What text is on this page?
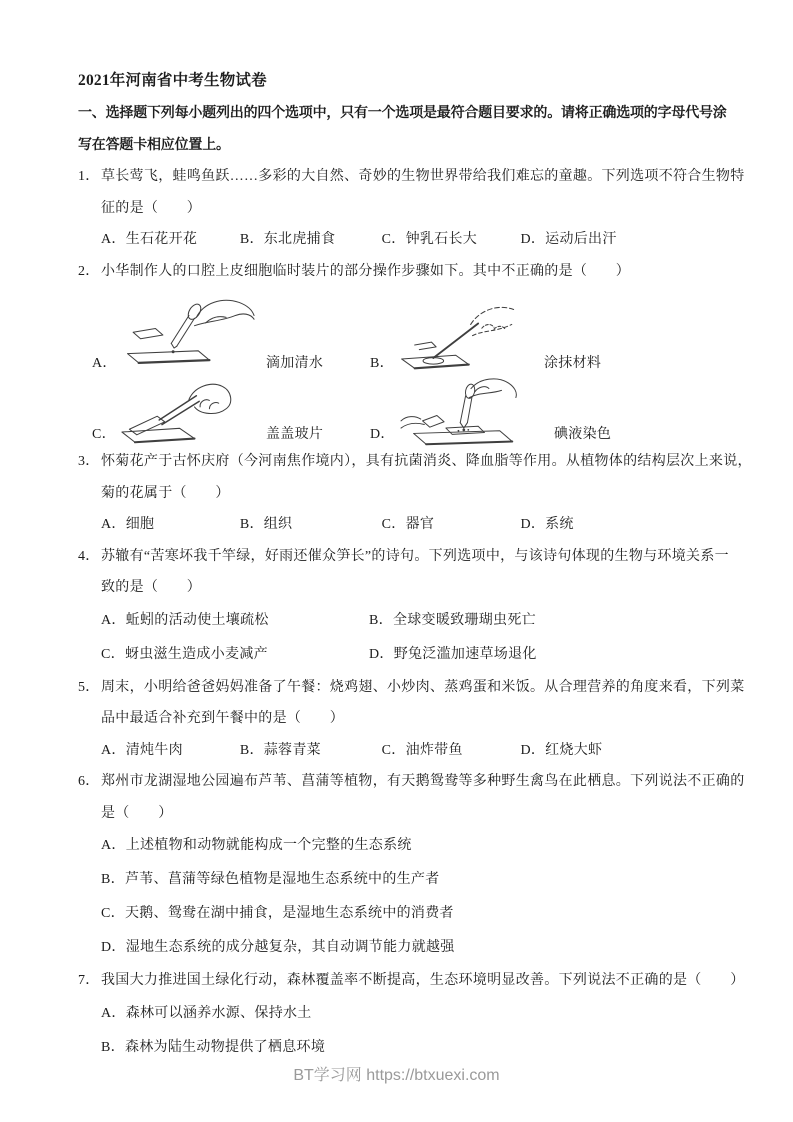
2021年河南省中考生物试卷
一、选择题下列每小题列出的四个选项中，只有一个选项是最符合题目要求的。请将正确选项的字母代号涂
写在答题卡相应位置上。
1． 草长莺飞，蛙鸣鱼跃……多彩的大自然、奇妙的生物世界带给我们难忘的童趣。下列选项不符合生物特
征的是（　　）
A．生石花开花	B．东北虎捕食	C．钟乳石长大	D．运动后出汗
2． 小华制作人的口腔上皮细胞临时装片的部分操作步骤如下。其中不正确的是（　　）
A．	滴加清水	B．	涂抹材料
C．	盖盖玻片	D．	碘液染色
3． 怀菊花产于古怀庆府（今河南焦作境内），具有抗菌消炎、降血脂等作用。从植物体的结构层次上来说，
菊的花属于（　　）
A．细胞	B．组织	C．器官	D．系统
4． 苏辙有“苦寒坏我千竿绿，好雨还催众笋长”的诗句。下列选项中，与该诗句体现的生物与环境关系一
致的是（　　）
A．蚯蚓的活动使土壤疏松	B．全球变暖致珊瑚虫死亡
C．蚜虫滋生造成小麦减产	D．野兔泛滥加速草场退化
5． 周末，小明给爸爸妈妈准备了午餐：烧鸡翅、小炒肉、蒸鸡蛋和米饭。从合理营养的角度来看，下列菜
品中最适合补充到午餐中的是（　　）
A．清炖牛肉	B．蒜蓉青菜	C．油炸带鱼	D．红烧大虾
6． 郑州市龙湖湿地公园遍布芦苇、菖蒲等植物，有天鹅鸳鸯等多种野生禽鸟在此栖息。下列说法不正确的
是（　　）
A．上述植物和动物就能构成一个完整的生态系统
B．芦苇、菖蒲等绿色植物是湿地生态系统中的生产者
C．天鹅、鸳鸯在湖中捕食，是湿地生态系统中的消费者
D．湿地生态系统的成分越复杂，其自动调节能力就越强
7． 我国大力推进国土绿化行动，森林覆盖率不断提高，生态环境明显改善。下列说法不正确的是（　　）
A．森林可以涵养水源、保持水土
B．森林为陆生动物提供了栖息环境
BT学习网 https://btxuexi.com
